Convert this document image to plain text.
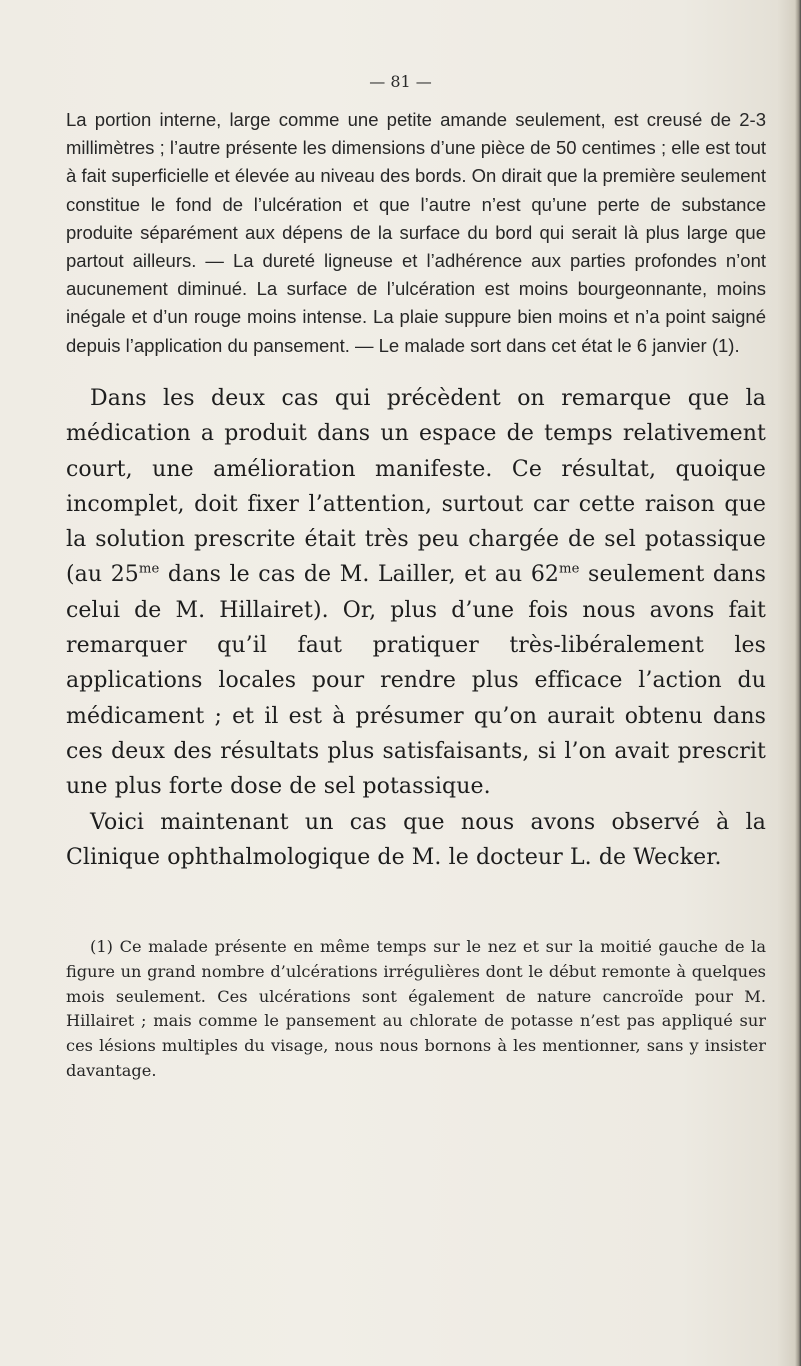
— 81 —

La portion interne, large comme une petite amande seulement, est creusé de 2-3 millimètres ; l’autre présente les dimensions d’une pièce de 50 centimes ; elle est tout à fait superficielle et élevée au niveau des bords. On dirait que la première seulement constitue le fond de l’ulcération et que l’autre n’est qu’une perte de substance produite séparément aux dépens de la surface du bord qui serait là plus large que partout ailleurs. — La dureté ligneuse et l’adhérence aux parties profondes n’ont aucunement diminué. La surface de l’ulcération est moins bourgeonnante, moins inégale et d’un rouge moins intense. La plaie suppure bien moins et n’a point saigné depuis l’application du pansement. — Le malade sort dans cet état le 6 janvier (1).

Dans les deux cas qui précèdent on remarque que la médication a produit dans un espace de temps relativement court, une amélioration manifeste. Ce résultat, quoique incomplet, doit fixer l’attention, surtout car cette raison que la solution prescrite était très peu chargée de sel potassique (au $25^{me}$ dans le cas de M. Lailler, et au $62^{me}$ seulement dans celui de M. Hillairet). Or, plus d’une fois nous avons fait remarquer qu’il faut pratiquer très-libéralement les applications locales pour rendre plus efficace l’action du médicament ; et il est à présumer qu’on aurait obtenu dans ces deux des résultats plus satisfaisants, si l’on avait prescrit une plus forte dose de sel potassique.

Voici maintenant un cas que nous avons observé à la Clinique ophthalmologique de M. le docteur L. de Wecker.

(1) Ce malade présente en même temps sur le nez et sur la moitié gauche de la figure un grand nombre d’ulcérations irrégulières dont le début remonte à quelques mois seulement. Ces ulcérations sont également de nature cancroïde pour M. Hillairet ; mais comme le pansement au chlorate de potasse n’est pas appliqué sur ces lésions multiples du visage, nous nous bornons à les mentionner, sans y insister davantage.
